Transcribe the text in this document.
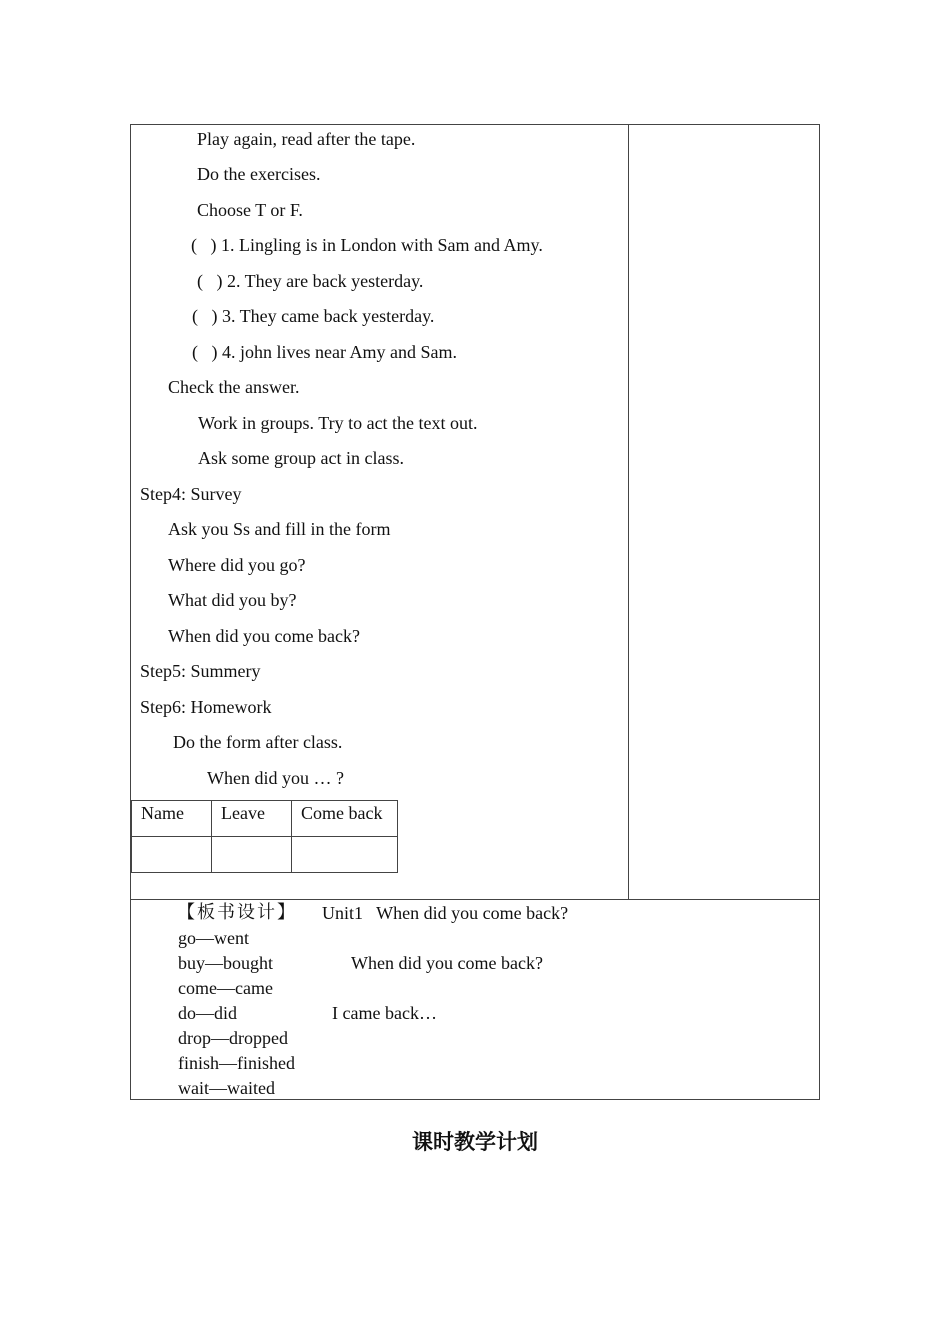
Play again, read after the tape.
Do the exercises.
Choose T or F.
(   ) 1. Lingling is in London with Sam and Amy.
(   ) 2. They are back yesterday.
(   ) 3. They came back yesterday.
(   ) 4. john lives near Amy and Sam.
Check the answer.
Work in groups. Try to act the text out.
Ask some group act in class.
Step4: Survey
Ask you Ss and fill in the form
Where did you go?
What did you by?
When did you come back?
Step5: Summery
Step6: Homework
Do the form after class.
When did you … ?
Name	Leave	Come back

【板书设计】 Unit1   When did you come back?
go—went
buy—bought	When did you come back?
come—came
do—did	I came back…
drop—dropped
finish—finished
wait—waited
课时教学计划
